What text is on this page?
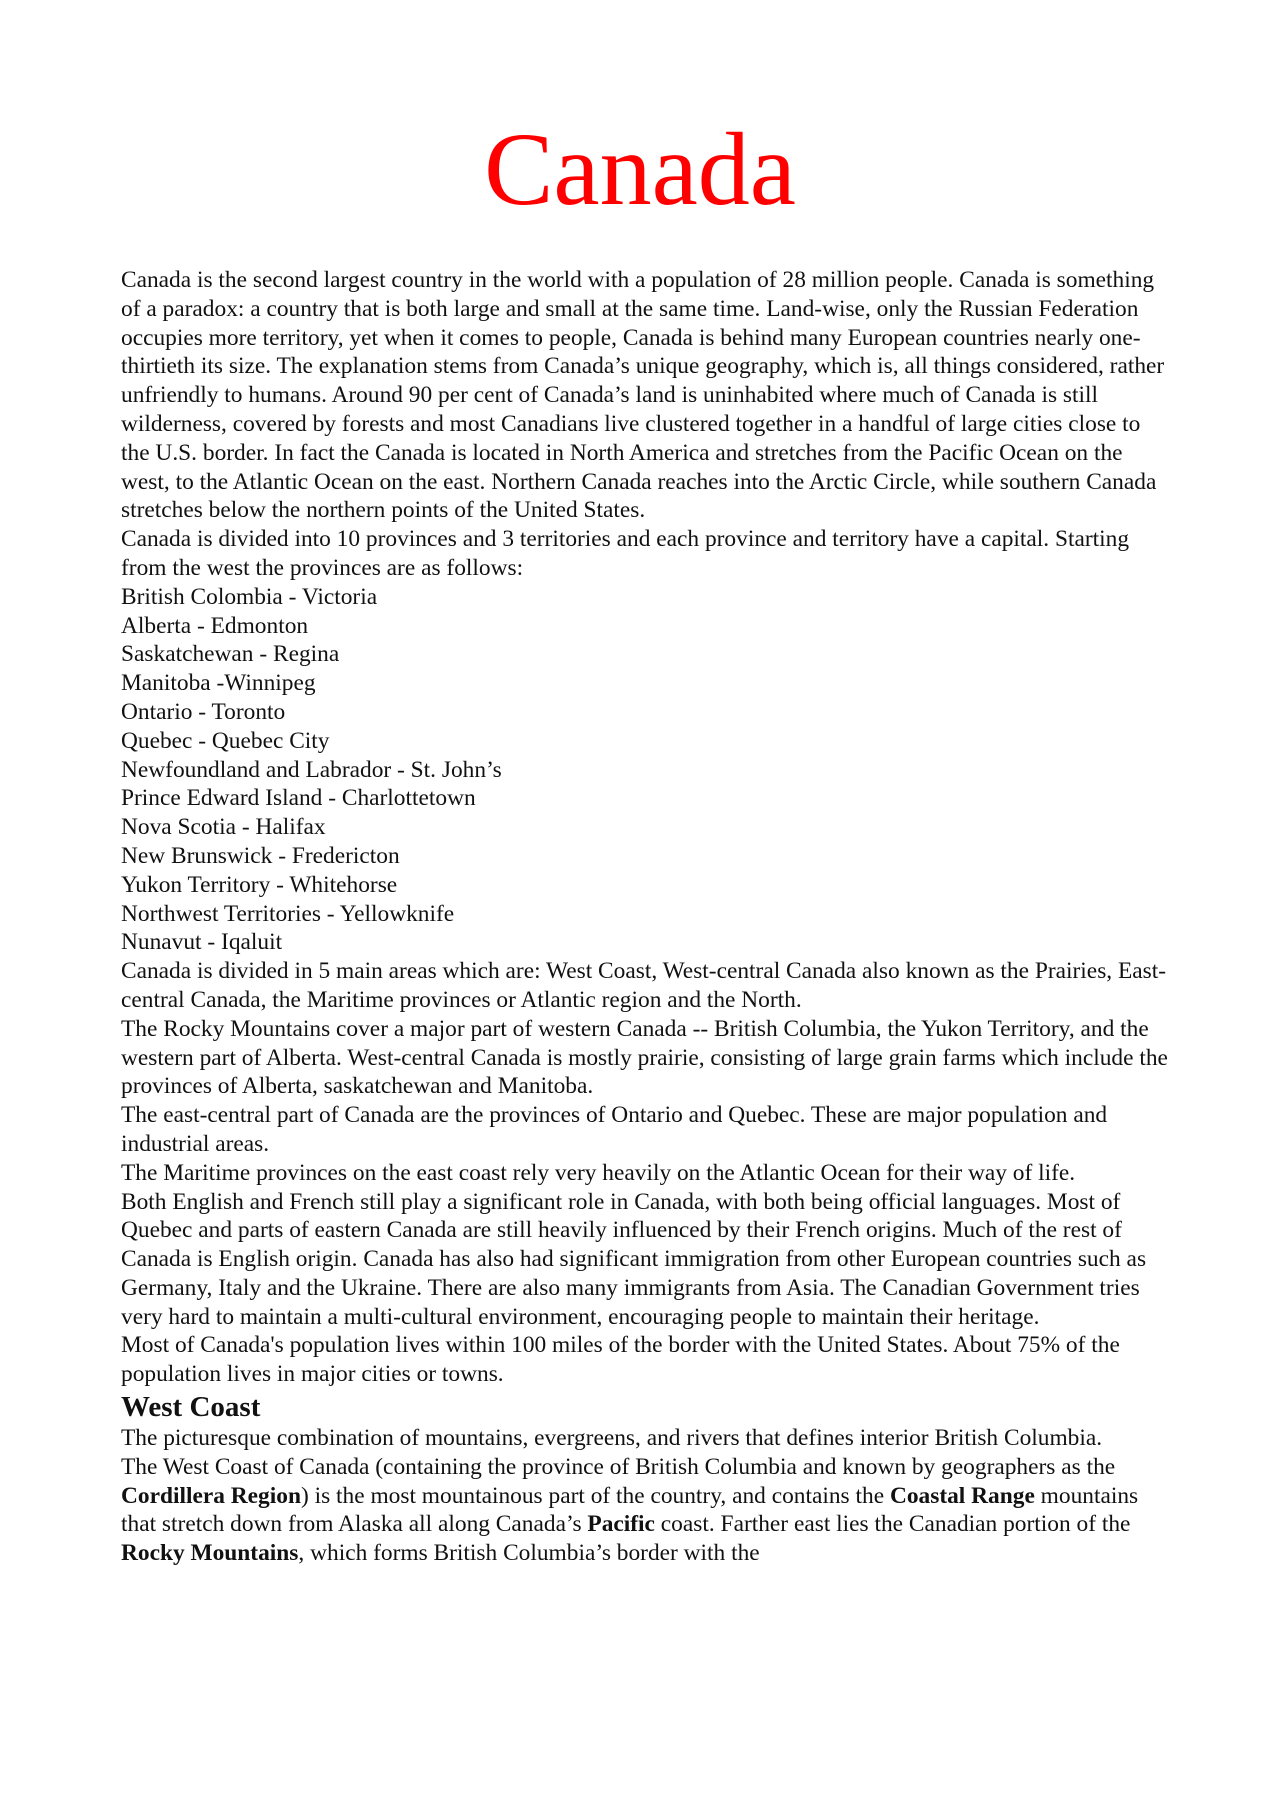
Canada

Canada is the second largest country in the world with a population of 28 million people. Canada is something of a paradox: a country that is both large and small at the same time. Land-wise, only the Russian Federation occupies more territory, yet when it comes to people, Canada is behind many European countries nearly one-thirtieth its size. The explanation stems from Canada’s unique geography, which is, all things considered, rather unfriendly to humans. Around 90 per cent of Canada’s land is uninhabited where much of Canada is still wilderness, covered by forests and most Canadians live clustered together in a handful of large cities close to the U.S. border. In fact the Canada is located in North America and stretches from the Pacific Ocean on the west, to the Atlantic Ocean on the east. Northern Canada reaches into the Arctic Circle, while southern Canada stretches below the northern points of the United States.

Canada is divided into 10 provinces and 3 territories and each province and territory have a capital. Starting from the west the provinces are as follows:

British Colombia - Victoria

Alberta - Edmonton

Saskatchewan - Regina

Manitoba -Winnipeg

Ontario - Toronto

Quebec - Quebec City

Newfoundland and Labrador - St. John’s

Prince Edward Island - Charlottetown

Nova Scotia - Halifax

New Brunswick - Fredericton

Yukon Territory - Whitehorse

Northwest Territories - Yellowknife

Nunavut - Iqaluit

Canada is divided in 5 main areas which are: West Coast, West-central Canada also known as the Prairies, East-central Canada, the Maritime provinces or Atlantic region and the North.

The Rocky Mountains cover a major part of western Canada -- British Columbia, the Yukon Territory, and the western part of Alberta. West-central Canada is mostly prairie, consisting of large grain farms which include the provinces of Alberta, saskatchewan and Manitoba.

The east-central part of Canada are the provinces of Ontario and Quebec. These are major population and industrial areas.

The Maritime provinces on the east coast rely very heavily on the Atlantic Ocean for their way of life.

Both English and French still play a significant role in Canada, with both being official languages. Most of Quebec and parts of eastern Canada are still heavily influenced by their French origins. Much of the rest of Canada is English origin. Canada has also had significant immigration from other European countries such as Germany, Italy and the Ukraine. There are also many immigrants from Asia. The Canadian Government tries very hard to maintain a multi-cultural environment, encouraging people to maintain their heritage.

Most of Canada's population lives within 100 miles of the border with the United States. About 75% of the population lives in major cities or towns.

West Coast

The picturesque combination of mountains, evergreens, and rivers that defines interior British Columbia.

The West Coast of Canada (containing the province of British Columbia and known by geographers as the Cordillera Region) is the most mountainous part of the country, and contains the Coastal Range mountains that stretch down from Alaska all along Canada’s Pacific coast. Farther east lies the Canadian portion of the Rocky Mountains, which forms British Columbia’s border with the
